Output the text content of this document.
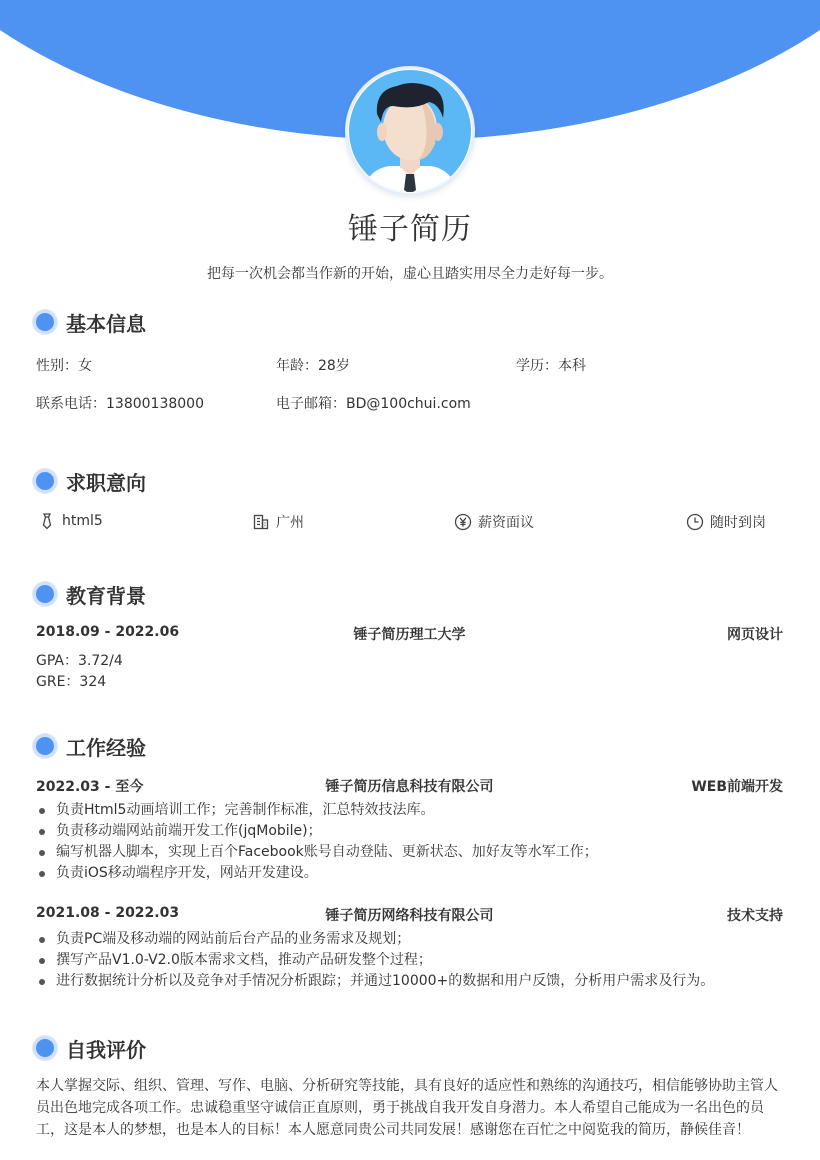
锤子简历
把每一次机会都当作新的开始，虚心且踏实用尽全力走好每一步。
基本信息
性别：女	年龄：28岁	学历：本科
联系电话：13800138000	电子邮箱：BD@100chui.com
求职意向
html5	广州	薪资面议	随时到岗
教育背景
2018.09 - 2022.06	锤子简历理工大学	网页设计
GPA：3.72/4
GRE：324
工作经验
2022.03 - 至今	锤子简历信息科技有限公司	WEB前端开发
负责Html5动画培训工作；完善制作标准，汇总特效技法库。
负责移动端网站前端开发工作(jqMobile)；
编写机器人脚本，实现上百个Facebook账号自动登陆、更新状态、加好友等水军工作；
负责iOS移动端程序开发，网站开发建设。
2021.08 - 2022.03	锤子简历网络科技有限公司	技术支持
负责PC端及移动端的网站前后台产品的业务需求及规划；
撰写产品V1.0-V2.0版本需求文档，推动产品研发整个过程；
进行数据统计分析以及竞争对手情况分析跟踪；并通过10000+的数据和用户反馈，分析用户需求及行为。
自我评价
本人掌握交际、组织、管理、写作、电脑、分析研究等技能，具有良好的适应性和熟练的沟通技巧，相信能够协助主管人员出色地完成各项工作。忠诚稳重坚守诚信正直原则，勇于挑战自我开发自身潜力。本人希望自己能成为一名出色的员工，这是本人的梦想，也是本人的目标！本人愿意同贵公司共同发展！感谢您在百忙之中阅览我的简历，静候佳音！
